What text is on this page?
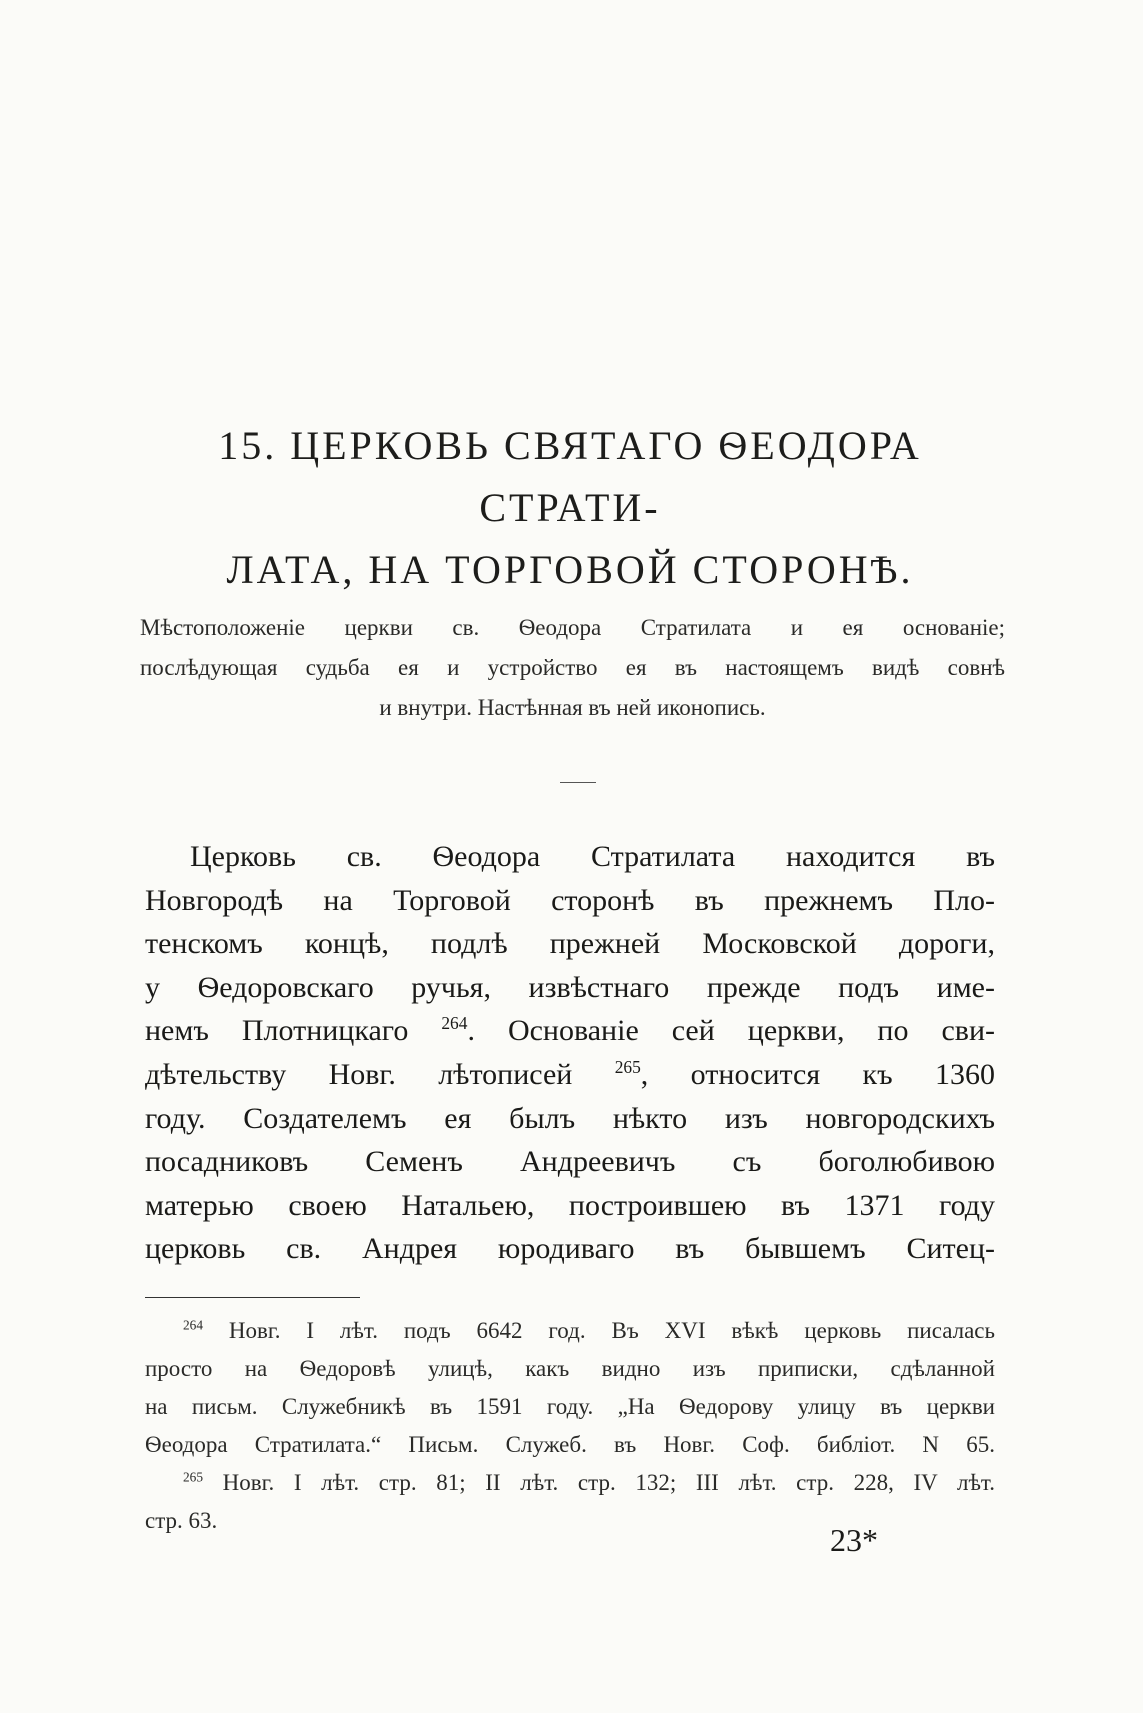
15. ЦЕРКОВЬ СВЯТАГО ѲЕОДОРА СТРАТИ-
ЛАТА, НА ТОРГОВОЙ СТОРОНѢ.
Мѣстоположеніе церкви св. Ѳеодора Стратилата и ея основаніе;
послѣдующая судьба ея и устройство ея въ настоящемъ видѣ совнѣ
и внутри. Настѣнная въ ней иконопись.
Церковь св. Ѳеодора Стратилата находится въ
Новгородѣ на Торговой сторонѣ въ прежнемъ Пло-
тенскомъ концѣ, подлѣ прежней Московской дороги,
у Ѳедоровскаго ручья, извѣстнаго прежде подъ име-
немъ Плотницкаго $^{264}$. Основаніе сей церкви, по сви-
дѣтельству Новг. лѣтописей $^{265}$, относится къ 1360
году. Создателемъ ея былъ нѣкто изъ новгородскихъ
посадниковъ Семенъ Андреевичъ съ боголюбивою
матерью своею Натальею, построившею въ 1371 году
церковь св. Андрея юродиваго въ бывшемъ Ситец-
$^{264}$ Новг. I лѣт. подъ 6642 год. Въ XVI вѣкѣ церковь писалась
просто на Ѳедоровѣ улицѣ, какъ видно изъ приписки, сдѣланной
на письм. Служебникѣ въ 1591 году. „На Ѳедорову улицу въ церкви
Ѳеодора Стратилата.“ Письм. Служеб. въ Новг. Соф. библіот. N 65.
$^{265}$ Новг. I лѣт. стр. 81; II лѣт. стр. 132; III лѣт. стр. 228, IV лѣт.
стр. 63.
23*
